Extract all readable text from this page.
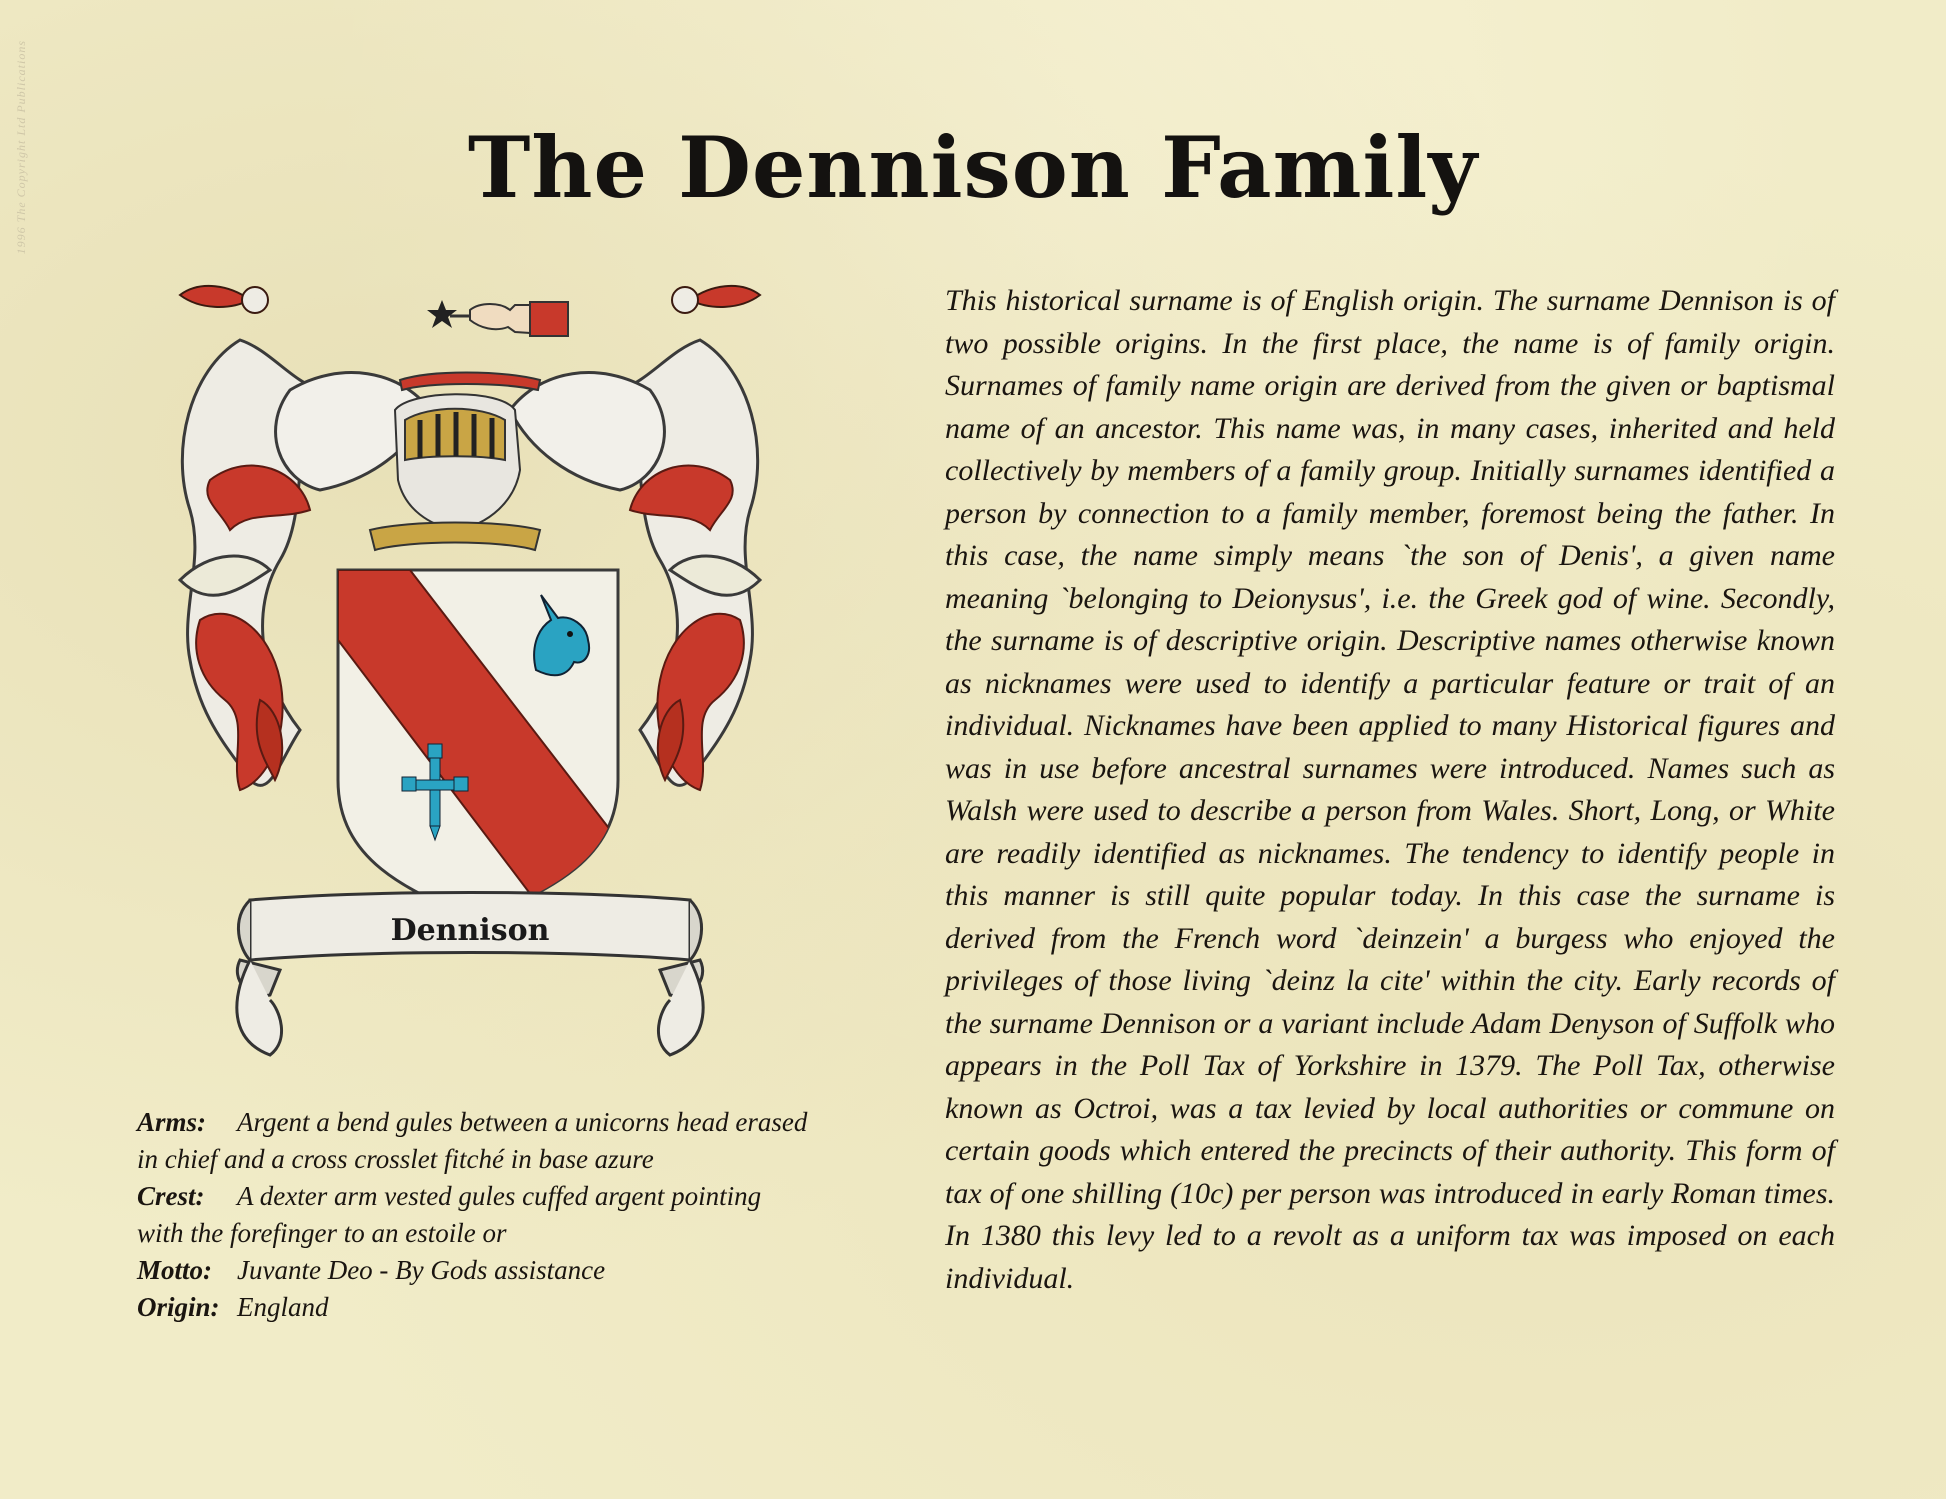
1996 The Copyright Ltd Publications	The Dennison Family
Dennison
Arms: Argent a bend gules between a unicorns head erased
in chief and a cross crosslet fitché in base azure
Crest: A dexter arm vested gules cuffed argent pointing
with the forefinger to an estoile or
Motto: Juvante Deo - By Gods assistance
Origin: England

This historical surname is of English origin. The surname Dennison is of two possible origins. In the first place, the name is of family origin. Surnames of family name origin are derived from the given or baptismal name of an ancestor. This name was, in many cases, inherited and held collectively by members of a family group. Initially surnames identified a person by connection to a family member, foremost being the father. In this case, the name simply means `the son of Denis', a given name meaning `belonging to Deionysus', i.e. the Greek god of wine. Secondly, the surname is of descriptive origin. Descriptive names otherwise known as nicknames were used to identify a particular feature or trait of an individual. Nicknames have been applied to many Historical figures and was in use before ancestral surnames were introduced. Names such as Walsh were used to describe a person from Wales. Short, Long, or White are readily identified as nicknames. The tendency to identify people in this manner is still quite popular today. In this case the surname is derived from the French word `deinzein' a burgess who enjoyed the privileges of those living `deinz la cite' within the city. Early records of the surname Dennison or a variant include Adam Denyson of Suffolk who appears in the Poll Tax of Yorkshire in 1379. The Poll Tax, otherwise known as Octroi, was a tax levied by local authorities or commune on certain goods which entered the precincts of their authority. This form of tax of one shilling (10c) per person was introduced in early Roman times. In 1380 this levy led to a revolt as a uniform tax was imposed on each individual.
